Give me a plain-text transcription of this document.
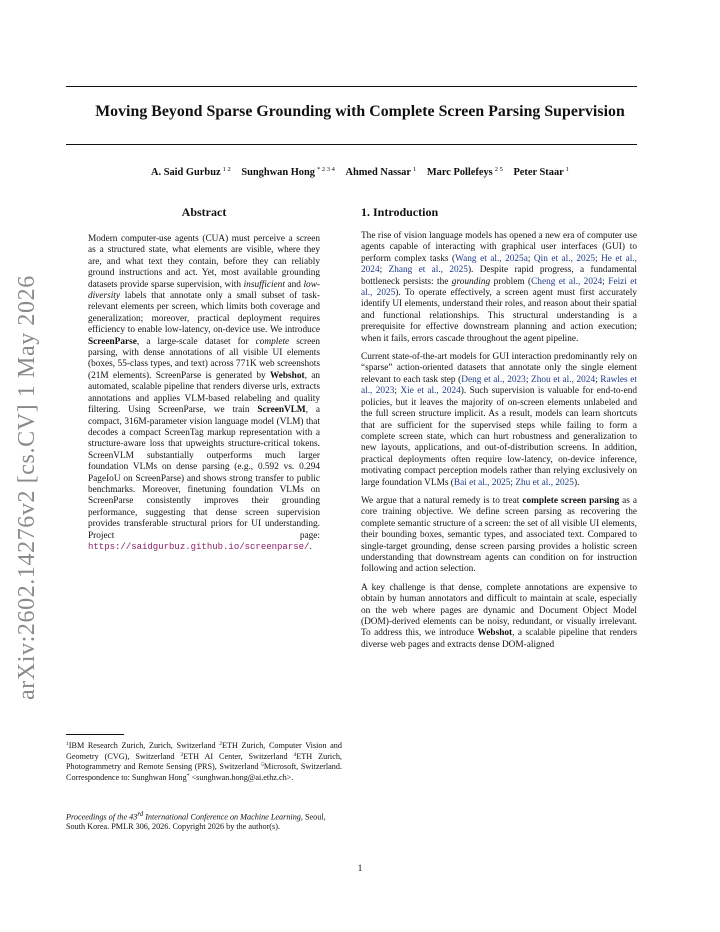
Moving Beyond Sparse Grounding with Complete Screen Parsing Supervision
A. Said Gurbuz $^{1 2}$ Sunghwan Hong $^{* 2 3 4}$ Ahmed Nassar $^1$ Marc Pollefeys $^{2 5}$ Peter Staar $^1$
arXiv:2602.14276v2 [cs.CV] 1 May 2026
Abstract
Modern computer-use agents (CUA) must perceive a screen as a structured state, what elements are visible, where they are, and what text they contain, before they can reliably ground instructions and act. Yet, most available grounding datasets provide sparse supervision, with insufficient and low-diversity labels that annotate only a small subset of task-relevant elements per screen, which limits both coverage and generalization; moreover, practical deployment requires efficiency to enable low-latency, on-device use. We introduce ScreenParse, a large-scale dataset for complete screen parsing, with dense annotations of all visible UI elements (boxes, 55-class types, and text) across 771K web screenshots (21M elements). ScreenParse is generated by Webshot, an automated, scalable pipeline that renders diverse urls, extracts annotations and applies VLM-based relabeling and quality filtering. Using ScreenParse, we train ScreenVLM, a compact, 316M-parameter vision language model (VLM) that decodes a compact ScreenTag markup representation with a structure-aware loss that upweights structure-critical tokens. ScreenVLM substantially outperforms much larger foundation VLMs on dense parsing (e.g., 0.592 vs. 0.294 PageIoU on ScreenParse) and shows strong transfer to public benchmarks. Moreover, finetuning foundation VLMs on ScreenParse consistently improves their grounding performance, suggesting that dense screen supervision provides transferable structural priors for UI understanding. Project page: https://saidgurbuz.github.io/screenparse/.
1. Introduction

The rise of vision language models has opened a new era of computer use agents capable of interacting with graphical user interfaces (GUI) to perform complex tasks (Wang et al., 2025a; Qin et al., 2025; He et al., 2024; Zhang et al., 2025). Despite rapid progress, a fundamental bottleneck persists: the grounding problem (Cheng et al., 2024; Feizi et al., 2025). To operate effectively, a screen agent must first accurately identify UI elements, understand their roles, and reason about their spatial and functional relationships. This structural understanding is a prerequisite for effective downstream planning and action execution; when it fails, errors cascade throughout the agent pipeline.

Current state-of-the-art models for GUI interaction predominantly rely on “sparse” action-oriented datasets that annotate only the single element relevant to each task step (Deng et al., 2023; Zhou et al., 2024; Rawles et al., 2023; Xie et al., 2024). Such supervision is valuable for end-to-end policies, but it leaves the majority of on-screen elements unlabeled and the full screen structure implicit. As a result, models can learn shortcuts that are sufficient for the supervised steps while failing to form a complete screen state, which can hurt robustness and generalization to new layouts, applications, and out-of-distribution screens. In addition, practical deployments often require low-latency, on-device inference, motivating compact perception models rather than relying exclusively on large foundation VLMs (Bai et al., 2025; Zhu et al., 2025).

We argue that a natural remedy is to treat complete screen parsing as a core training objective. We define screen parsing as recovering the complete semantic structure of a screen: the set of all visible UI elements, their bounding boxes, semantic types, and associated text. Compared to single-target grounding, dense screen parsing provides a holistic screen understanding that downstream agents can condition on for instruction following and action selection.

A key challenge is that dense, complete annotations are expensive to obtain by human annotators and difficult to maintain at scale, especially on the web where pages are dynamic and Document Object Model (DOM)-derived elements can be noisy, redundant, or visually irrelevant. To address this, we introduce Webshot, a scalable pipeline that renders diverse web pages and extracts dense DOM-aligned

$^1$IBM Research Zurich, Zurich, Switzerland $^2$ETH Zurich, Computer Vision and Geometry (CVG), Switzerland $^3$ETH AI Center, Switzerland $^4$ETH Zurich, Photogrammetry and Remote Sensing (PRS), Switzerland $^5$Microsoft, Switzerland. Correspondence to: Sunghwan Hong* <sunghwan.hong@ai.ethz.ch>.
Proceedings of the 43rd International Conference on Machine Learning, Seoul, South Korea. PMLR 306, 2026. Copyright 2026 by the author(s).
1
